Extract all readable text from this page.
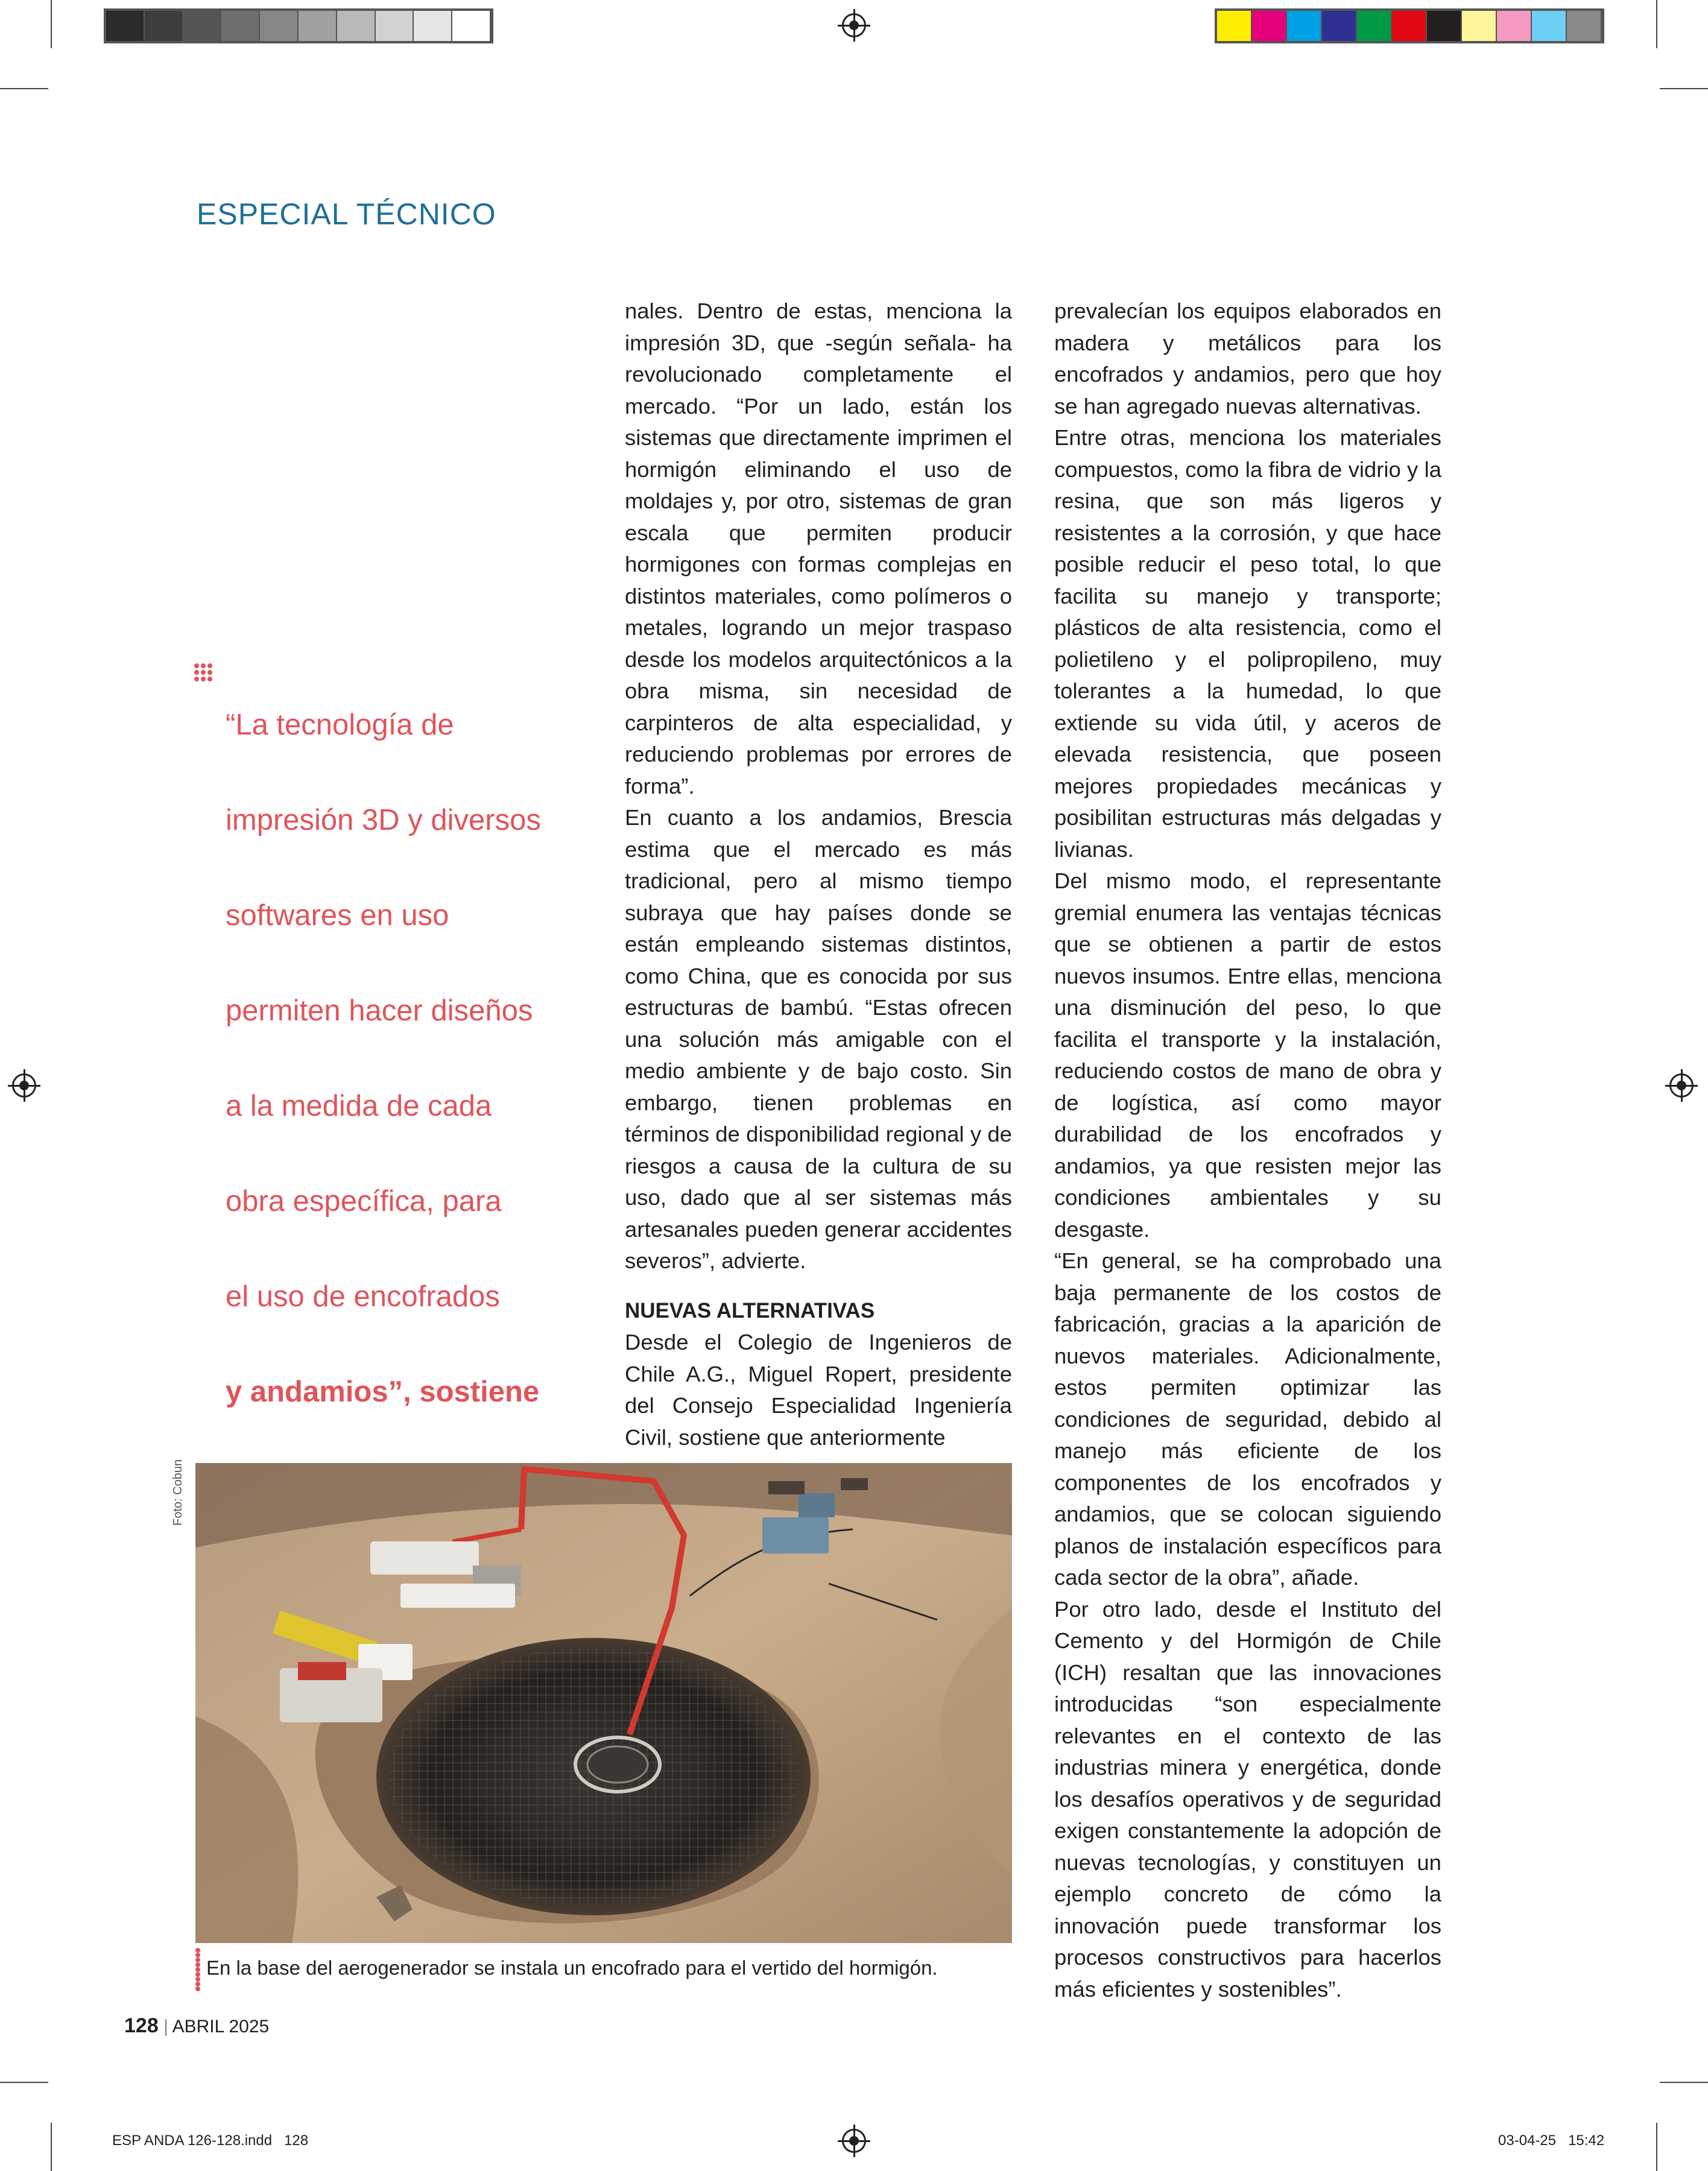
ESPECIAL TÉCNICO

“La tecnología de

impresión 3D y diversos

softwares en uso

permiten hacer diseños

a la medida de cada

obra específica, para

el uso de encofrados

y andamios”, sostiene

nales. Dentro de estas, menciona la impresión 3D, que -según señala- ha revolucionado completamente el mercado. “Por un lado, están los sistemas que directamente imprimen el hormigón eliminando el uso de moldajes y, por otro, sistemas de gran escala que permiten producir hormigones con formas complejas en distintos materiales, como polímeros o metales, logrando un mejor traspaso desde los modelos arquitectónicos a la obra misma, sin necesidad de carpinteros de alta especialidad, y reduciendo problemas por errores de forma”.

En cuanto a los andamios, Brescia estima que el mercado es más tradicional, pero al mismo tiempo subraya que hay países donde se están empleando sistemas distintos, como China, que es conocida por sus estructuras de bambú. “Estas ofrecen una solución más amigable con el medio ambiente y de bajo costo. Sin embargo, tienen problemas en términos de disponibilidad regional y de riesgos a causa de la cultura de su uso, dado que al ser sistemas más artesanales pueden generar accidentes severos”, advierte.

NUEVAS ALTERNATIVAS

Desde el Colegio de Ingenieros de Chile A.G., Miguel Ropert, presidente del Consejo Especialidad Ingeniería Civil, sostiene que anteriormente

prevalecían los equipos elaborados en madera y metálicos para los encofrados y andamios, pero que hoy se han agregado nuevas alternativas.

Entre otras, menciona los materiales compuestos, como la fibra de vidrio y la resina, que son más ligeros y resistentes a la corrosión, y que hace posible reducir el peso total, lo que facilita su manejo y transporte; plásticos de alta resistencia, como el polietileno y el polipropileno, muy tolerantes a la humedad, lo que extiende su vida útil, y aceros de elevada resistencia, que poseen mejores propiedades mecánicas y posibilitan estructuras más delgadas y livianas.

Del mismo modo, el representante gremial enumera las ventajas técnicas que se obtienen a partir de estos nuevos insumos. Entre ellas, menciona una disminución del peso, lo que facilita el transporte y la instalación, reduciendo costos de mano de obra y de logística, así como mayor durabilidad de los encofrados y andamios, ya que resisten mejor las condiciones ambientales y su desgaste.

“En general, se ha comprobado una baja permanente de los costos de fabricación, gracias a la aparición de nuevos materiales. Adicionalmente, estos permiten optimizar las condiciones de seguridad, debido al manejo más eficiente de los componentes de los encofrados y andamios, que se colocan siguiendo planos de instalación específicos para cada sector de la obra”, añade.

Por otro lado, desde el Instituto del Cemento y del Hormigón de Chile (ICH) resaltan que las innovaciones introducidas “son especialmente relevantes en el contexto de las industrias minera y energética, donde los desafíos operativos y de seguridad exigen constantemente la adopción de nuevas tecnologías, y constituyen un ejemplo concreto de cómo la innovación puede transformar los procesos constructivos para hacerlos más eficientes y sostenibles”.

Foto: Cobun
En la base del aerogenerador se instala un encofrado para el vertido del hormigón.
128 | ABRIL 2025
ESP ANDA 126-128.indd   128	03-04-25   15:42
